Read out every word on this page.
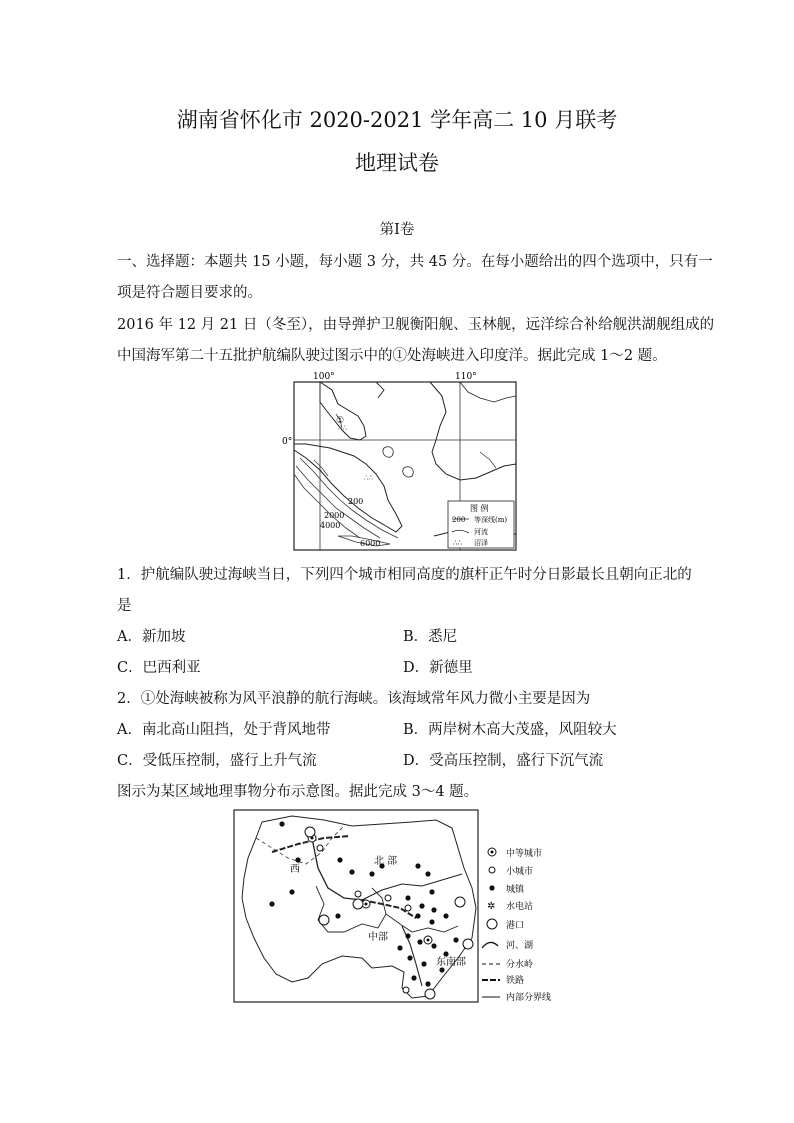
湖南省怀化市 2020-2021 学年高二 10 月联考
地理试卷
第Ⅰ卷
一、选择题：本题共 15 小题，每小题 3 分，共 45 分。在每小题给出的四个选项中，只有一
项是符合题目要求的。
2016 年 12 月 21 日（冬至），由导弹护卫舰衡阳舰、玉林舰，远洋综合补给舰洪湖舰组成的
中国海军第二十五批护航编队驶过图示中的①处海峡进入印度洋。据此完成 1～2 题。
100°	110°
0°
∴∴
∴∴
①
200
2000
4000
6000
图 例
200 等深线(m)
河流
∴∴ 沼泽
1．护航编队驶过海峡当日，下列四个城市相同高度的旗杆正午时分日影最长且朝向正北的
是
A．新加坡	B．悉尼
C．巴西利亚	D．新德里
2．①处海峡被称为风平浪静的航行海峡。该海域常年风力微小主要是因为
A．南北高山阻挡，处于背风地带	B．两岸树木高大茂盛，风阻较大
C．受低压控制，盛行上升气流	D．受高压控制，盛行下沉气流
图示为某区域地理事物分布示意图。据此完成 3～4 题。
西
北 部
中部
东南部
中等城市
小城市
城镇
✲ 水电站
港口
河、湖
分水岭
铁路
内部分界线
